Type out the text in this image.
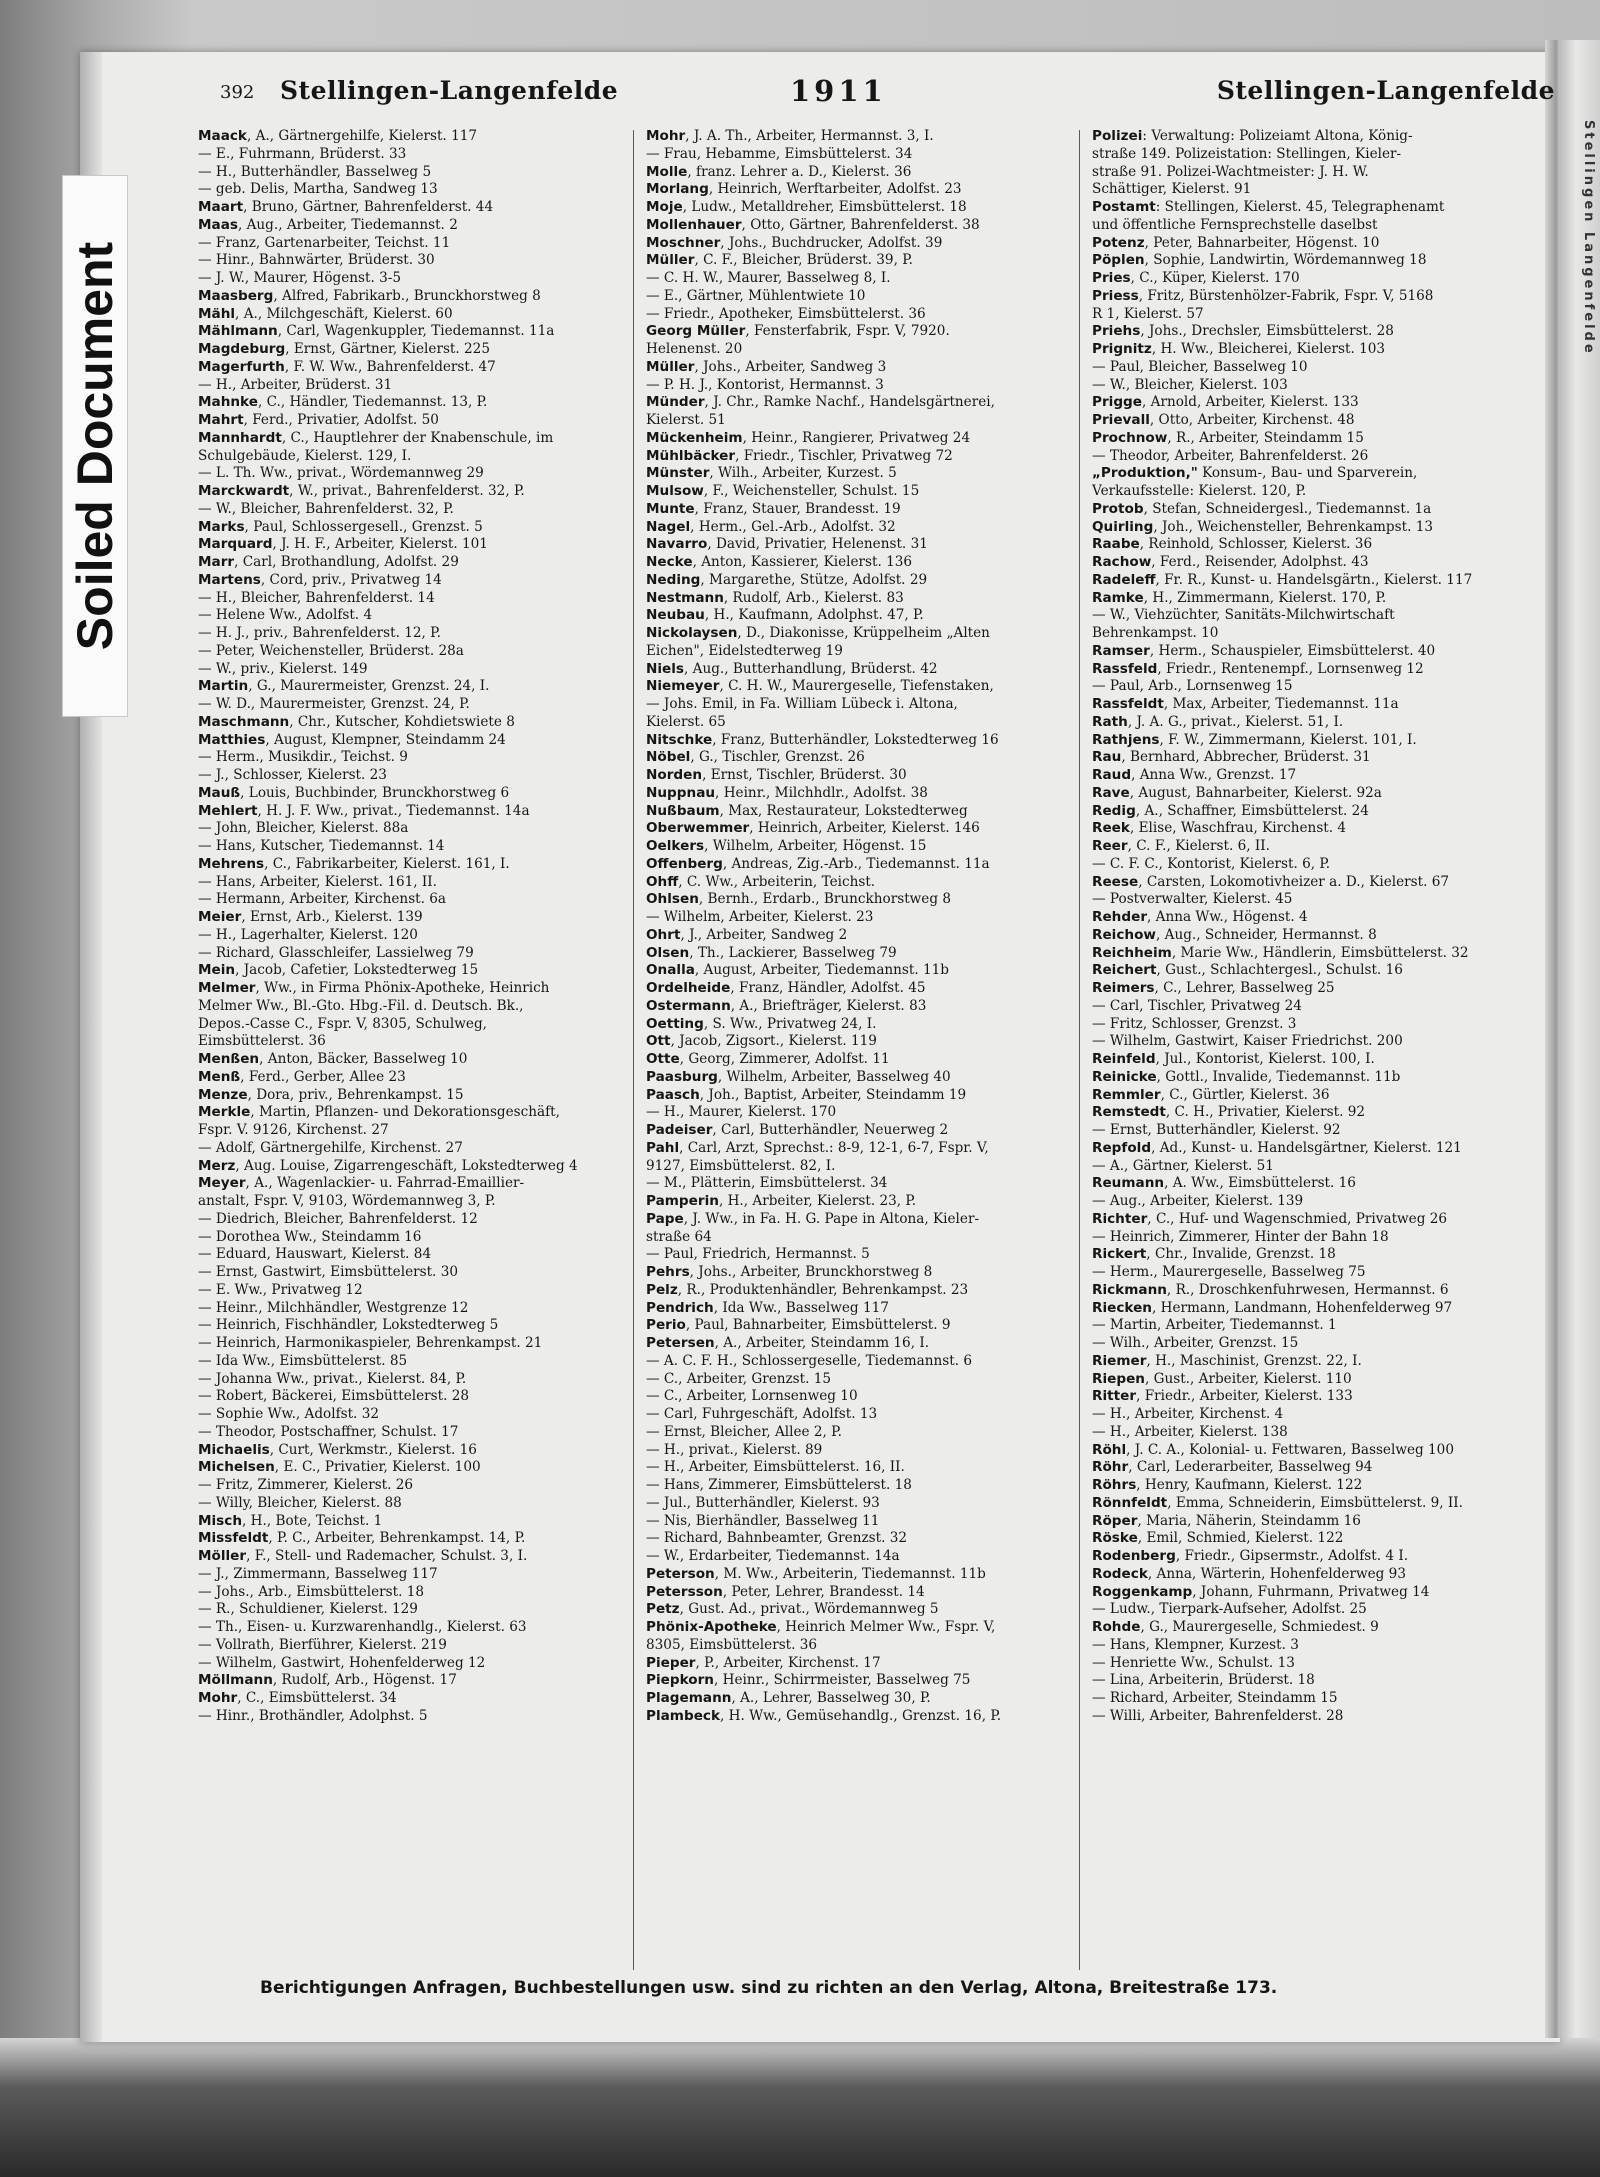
Stellingen Langenfelde
Soiled Document
392 Stellingen-Langenfelde	1911	Stellingen-Langenfelde
Maack, A., Gärtnergehilfe, Kielerst. 117
— E., Fuhrmann, Brüderst. 33
— H., Butterhändler, Basselweg 5
— geb. Delis, Martha, Sandweg 13
Maart, Bruno, Gärtner, Bahrenfelderst. 44
Maas, Aug., Arbeiter, Tiedemannst. 2
— Franz, Gartenarbeiter, Teichst. 11
— Hinr., Bahnwärter, Brüderst. 30
— J. W., Maurer, Högenst. 3-5
Maasberg, Alfred, Fabrikarb., Brunckhorstweg 8
Mähl, A., Milchgeschäft, Kielerst. 60
Mählmann, Carl, Wagenkuppler, Tiedemannst. 11a
Magdeburg, Ernst, Gärtner, Kielerst. 225
Magerfurth, F. W. Ww., Bahrenfelderst. 47
— H., Arbeiter, Brüderst. 31
Mahnke, C., Händler, Tiedemannst. 13, P.
Mahrt, Ferd., Privatier, Adolfst. 50
Mannhardt, C., Hauptlehrer der Knabenschule, im
Schulgebäude, Kielerst. 129, I.
— L. Th. Ww., privat., Wördemannweg 29
Marckwardt, W., privat., Bahrenfelderst. 32, P.
— W., Bleicher, Bahrenfelderst. 32, P.
Marks, Paul, Schlossergesell., Grenzst. 5
Marquard, J. H. F., Arbeiter, Kielerst. 101
Marr, Carl, Brothandlung, Adolfst. 29
Martens, Cord, priv., Privatweg 14
— H., Bleicher, Bahrenfelderst. 14
— Helene Ww., Adolfst. 4
— H. J., priv., Bahrenfelderst. 12, P.
— Peter, Weichensteller, Brüderst. 28a
— W., priv., Kielerst. 149
Martin, G., Maurermeister, Grenzst. 24, I.
— W. D., Maurermeister, Grenzst. 24, P.
Maschmann, Chr., Kutscher, Kohdietswiete 8
Matthies, August, Klempner, Steindamm 24
— Herm., Musikdir., Teichst. 9
— J., Schlosser, Kielerst. 23
Mauß, Louis, Buchbinder, Brunckhorstweg 6
Mehlert, H. J. F. Ww., privat., Tiedemannst. 14a
— John, Bleicher, Kielerst. 88a
— Hans, Kutscher, Tiedemannst. 14
Mehrens, C., Fabrikarbeiter, Kielerst. 161, I.
— Hans, Arbeiter, Kielerst. 161, II.
— Hermann, Arbeiter, Kirchenst. 6a
Meier, Ernst, Arb., Kielerst. 139
— H., Lagerhalter, Kielerst. 120
— Richard, Glasschleifer, Lassielweg 79
Mein, Jacob, Cafetier, Lokstedterweg 15
Melmer, Ww., in Firma Phönix-Apotheke, Heinrich
Melmer Ww., Bl.-Gto. Hbg.-Fil. d. Deutsch. Bk.,
Depos.-Casse C., Fspr. V, 8305, Schulweg,
Eimsbüttelerst. 36
Menßen, Anton, Bäcker, Basselweg 10
Menß, Ferd., Gerber, Allee 23
Menze, Dora, priv., Behrenkampst. 15
Merkle, Martin, Pflanzen- und Dekorationsgeschäft,
Fspr. V. 9126, Kirchenst. 27
— Adolf, Gärtnergehilfe, Kirchenst. 27
Merz, Aug. Louise, Zigarrengeschäft, Lokstedterweg 4
Meyer, A., Wagenlackier- u. Fahrrad-Emaillier-
anstalt, Fspr. V, 9103, Wördemannweg 3, P.
— Diedrich, Bleicher, Bahrenfelderst. 12
— Dorothea Ww., Steindamm 16
— Eduard, Hauswart, Kielerst. 84
— Ernst, Gastwirt, Eimsbüttelerst. 30
— E. Ww., Privatweg 12
— Heinr., Milchhändler, Westgrenze 12
— Heinrich, Fischhändler, Lokstedterweg 5
— Heinrich, Harmonikaspieler, Behrenkampst. 21
— Ida Ww., Eimsbüttelerst. 85
— Johanna Ww., privat., Kielerst. 84, P.
— Robert, Bäckerei, Eimsbüttelerst. 28
— Sophie Ww., Adolfst. 32
— Theodor, Postschaffner, Schulst. 17
Michaelis, Curt, Werkmstr., Kielerst. 16
Michelsen, E. C., Privatier, Kielerst. 100
— Fritz, Zimmerer, Kielerst. 26
— Willy, Bleicher, Kielerst. 88
Misch, H., Bote, Teichst. 1
Missfeldt, P. C., Arbeiter, Behrenkampst. 14, P.
Möller, F., Stell- und Rademacher, Schulst. 3, I.
— J., Zimmermann, Basselweg 117
— Johs., Arb., Eimsbüttelerst. 18
— R., Schuldiener, Kielerst. 129
— Th., Eisen- u. Kurzwarenhandlg., Kielerst. 63
— Vollrath, Bierführer, Kielerst. 219
— Wilhelm, Gastwirt, Hohenfelderweg 12
Möllmann, Rudolf, Arb., Högenst. 17
Mohr, C., Eimsbüttelerst. 34
— Hinr., Brothändler, Adolphst. 5
Mohr, J. A. Th., Arbeiter, Hermannst. 3, I.
— Frau, Hebamme, Eimsbüttelerst. 34
Molle, franz. Lehrer a. D., Kielerst. 36
Morlang, Heinrich, Werftarbeiter, Adolfst. 23
Moje, Ludw., Metalldreher, Eimsbüttelerst. 18
Mollenhauer, Otto, Gärtner, Bahrenfelderst. 38
Moschner, Johs., Buchdrucker, Adolfst. 39
Müller, C. F., Bleicher, Brüderst. 39, P.
— C. H. W., Maurer, Basselweg 8, I.
— E., Gärtner, Mühlentwiete 10
— Friedr., Apotheker, Eimsbüttelerst. 36
Georg Müller, Fensterfabrik, Fspr. V, 7920.
Helenenst. 20
Müller, Johs., Arbeiter, Sandweg 3
— P. H. J., Kontorist, Hermannst. 3
Münder, J. Chr., Ramke Nachf., Handelsgärtnerei,
Kielerst. 51
Mückenheim, Heinr., Rangierer, Privatweg 24
Mühlbäcker, Friedr., Tischler, Privatweg 72
Münster, Wilh., Arbeiter, Kurzest. 5
Mulsow, F., Weichensteller, Schulst. 15
Munte, Franz, Stauer, Brandesst. 19
Nagel, Herm., Gel.-Arb., Adolfst. 32
Navarro, David, Privatier, Helenenst. 31
Necke, Anton, Kassierer, Kielerst. 136
Neding, Margarethe, Stütze, Adolfst. 29
Nestmann, Rudolf, Arb., Kielerst. 83
Neubau, H., Kaufmann, Adolphst. 47, P.
Nickolaysen, D., Diakonisse, Krüppelheim „Alten
Eichen", Eidelstedterweg 19
Niels, Aug., Butterhandlung, Brüderst. 42
Niemeyer, C. H. W., Maurergeselle, Tiefenstaken,
— Johs. Emil, in Fa. William Lübeck i. Altona,
Kielerst. 65
Nitschke, Franz, Butterhändler, Lokstedterweg 16
Nöbel, G., Tischler, Grenzst. 26
Norden, Ernst, Tischler, Brüderst. 30
Nuppnau, Heinr., Milchhdlr., Adolfst. 38
Nußbaum, Max, Restaurateur, Lokstedterweg
Oberwemmer, Heinrich, Arbeiter, Kielerst. 146
Oelkers, Wilhelm, Arbeiter, Högenst. 15
Offenberg, Andreas, Zig.-Arb., Tiedemannst. 11a
Ohff, C. Ww., Arbeiterin, Teichst.
Ohlsen, Bernh., Erdarb., Brunckhorstweg 8
— Wilhelm, Arbeiter, Kielerst. 23
Ohrt, J., Arbeiter, Sandweg 2
Olsen, Th., Lackierer, Basselweg 79
Onalla, August, Arbeiter, Tiedemannst. 11b
Ordelheide, Franz, Händler, Adolfst. 45
Ostermann, A., Briefträger, Kielerst. 83
Oetting, S. Ww., Privatweg 24, I.
Ott, Jacob, Zigsort., Kielerst. 119
Otte, Georg, Zimmerer, Adolfst. 11
Paasburg, Wilhelm, Arbeiter, Basselweg 40
Paasch, Joh., Baptist, Arbeiter, Steindamm 19
— H., Maurer, Kielerst. 170
Padeiser, Carl, Butterhändler, Neuerweg 2
Pahl, Carl, Arzt, Sprechst.: 8-9, 12-1, 6-7, Fspr. V,
9127, Eimsbüttelerst. 82, I.
— M., Plätterin, Eimsbüttelerst. 34
Pamperin, H., Arbeiter, Kielerst. 23, P.
Pape, J. Ww., in Fa. H. G. Pape in Altona, Kieler-
straße 64
— Paul, Friedrich, Hermannst. 5
Pehrs, Johs., Arbeiter, Brunckhorstweg 8
Pelz, R., Produktenhändler, Behrenkampst. 23
Pendrich, Ida Ww., Basselweg 117
Perio, Paul, Bahnarbeiter, Eimsbüttelerst. 9
Petersen, A., Arbeiter, Steindamm 16, I.
— A. C. F. H., Schlossergeselle, Tiedemannst. 6
— C., Arbeiter, Grenzst. 15
— C., Arbeiter, Lornsenweg 10
— Carl, Fuhrgeschäft, Adolfst. 13
— Ernst, Bleicher, Allee 2, P.
— H., privat., Kielerst. 89
— H., Arbeiter, Eimsbüttelerst. 16, II.
— Hans, Zimmerer, Eimsbüttelerst. 18
— Jul., Butterhändler, Kielerst. 93
— Nis, Bierhändler, Basselweg 11
— Richard, Bahnbeamter, Grenzst. 32
— W., Erdarbeiter, Tiedemannst. 14a
Peterson, M. Ww., Arbeiterin, Tiedemannst. 11b
Petersson, Peter, Lehrer, Brandesst. 14
Petz, Gust. Ad., privat., Wördemannweg 5
Phönix-Apotheke, Heinrich Melmer Ww., Fspr. V,
8305, Eimsbüttelerst. 36
Pieper, P., Arbeiter, Kirchenst. 17
Piepkorn, Heinr., Schirrmeister, Basselweg 75
Plagemann, A., Lehrer, Basselweg 30, P.
Plambeck, H. Ww., Gemüsehandlg., Grenzst. 16, P.
Polizei: Verwaltung: Polizeiamt Altona, König-
straße 149. Polizeistation: Stellingen, Kieler-
straße 91. Polizei-Wachtmeister: J. H. W.
Schättiger, Kielerst. 91
Postamt: Stellingen, Kielerst. 45, Telegraphenamt
und öffentliche Fernsprechstelle daselbst
Potenz, Peter, Bahnarbeiter, Högenst. 10
Pöplen, Sophie, Landwirtin, Wördemannweg 18
Pries, C., Küper, Kielerst. 170
Priess, Fritz, Bürstenhölzer-Fabrik, Fspr. V, 5168
R 1, Kielerst. 57
Priehs, Johs., Drechsler, Eimsbüttelerst. 28
Prignitz, H. Ww., Bleicherei, Kielerst. 103
— Paul, Bleicher, Basselweg 10
— W., Bleicher, Kielerst. 103
Prigge, Arnold, Arbeiter, Kielerst. 133
Prievall, Otto, Arbeiter, Kirchenst. 48
Prochnow, R., Arbeiter, Steindamm 15
— Theodor, Arbeiter, Bahrenfelderst. 26
„Produktion," Konsum-, Bau- und Sparverein,
Verkaufsstelle: Kielerst. 120, P.
Protob, Stefan, Schneidergesl., Tiedemannst. 1a
Quirling, Joh., Weichensteller, Behrenkampst. 13
Raabe, Reinhold, Schlosser, Kielerst. 36
Rachow, Ferd., Reisender, Adolphst. 43
Radeleff, Fr. R., Kunst- u. Handelsgärtn., Kielerst. 117
Ramke, H., Zimmermann, Kielerst. 170, P.
— W., Viehzüchter, Sanitäts-Milchwirtschaft
Behrenkampst. 10
Ramser, Herm., Schauspieler, Eimsbüttelerst. 40
Rassfeld, Friedr., Rentenempf., Lornsenweg 12
— Paul, Arb., Lornsenweg 15
Rassfeldt, Max, Arbeiter, Tiedemannst. 11a
Rath, J. A. G., privat., Kielerst. 51, I.
Rathjens, F. W., Zimmermann, Kielerst. 101, I.
Rau, Bernhard, Abbrecher, Brüderst. 31
Raud, Anna Ww., Grenzst. 17
Rave, August, Bahnarbeiter, Kielerst. 92a
Redig, A., Schaffner, Eimsbüttelerst. 24
Reek, Elise, Waschfrau, Kirchenst. 4
Reer, C. F., Kielerst. 6, II.
— C. F. C., Kontorist, Kielerst. 6, P.
Reese, Carsten, Lokomotivheizer a. D., Kielerst. 67
— Postverwalter, Kielerst. 45
Rehder, Anna Ww., Högenst. 4
Reichow, Aug., Schneider, Hermannst. 8
Reichheim, Marie Ww., Händlerin, Eimsbüttelerst. 32
Reichert, Gust., Schlachtergesl., Schulst. 16
Reimers, C., Lehrer, Basselweg 25
— Carl, Tischler, Privatweg 24
— Fritz, Schlosser, Grenzst. 3
— Wilhelm, Gastwirt, Kaiser Friedrichst. 200
Reinfeld, Jul., Kontorist, Kielerst. 100, I.
Reinicke, Gottl., Invalide, Tiedemannst. 11b
Remmler, C., Gürtler, Kielerst. 36
Remstedt, C. H., Privatier, Kielerst. 92
— Ernst, Butterhändler, Kielerst. 92
Repfold, Ad., Kunst- u. Handelsgärtner, Kielerst. 121
— A., Gärtner, Kielerst. 51
Reumann, A. Ww., Eimsbüttelerst. 16
— Aug., Arbeiter, Kielerst. 139
Richter, C., Huf- und Wagenschmied, Privatweg 26
— Heinrich, Zimmerer, Hinter der Bahn 18
Rickert, Chr., Invalide, Grenzst. 18
— Herm., Maurergeselle, Basselweg 75
Rickmann, R., Droschkenfuhrwesen, Hermannst. 6
Riecken, Hermann, Landmann, Hohenfelderweg 97
— Martin, Arbeiter, Tiedemannst. 1
— Wilh., Arbeiter, Grenzst. 15
Riemer, H., Maschinist, Grenzst. 22, I.
Riepen, Gust., Arbeiter, Kielerst. 110
Ritter, Friedr., Arbeiter, Kielerst. 133
— H., Arbeiter, Kirchenst. 4
— H., Arbeiter, Kielerst. 138
Röhl, J. C. A., Kolonial- u. Fettwaren, Basselweg 100
Röhr, Carl, Lederarbeiter, Basselweg 94
Röhrs, Henry, Kaufmann, Kielerst. 122
Rönnfeldt, Emma, Schneiderin, Eimsbüttelerst. 9, II.
Röper, Maria, Näherin, Steindamm 16
Röske, Emil, Schmied, Kielerst. 122
Rodenberg, Friedr., Gipsermstr., Adolfst. 4 I.
Rodeck, Anna, Wärterin, Hohenfelderweg 93
Roggenkamp, Johann, Fuhrmann, Privatweg 14
— Ludw., Tierpark-Aufseher, Adolfst. 25
Rohde, G., Maurergeselle, Schmiedest. 9
— Hans, Klempner, Kurzest. 3
— Henriette Ww., Schulst. 13
— Lina, Arbeiterin, Brüderst. 18
— Richard, Arbeiter, Steindamm 15
— Willi, Arbeiter, Bahrenfelderst. 28
Berichtigungen Anfragen, Buchbestellungen usw. sind zu richten an den Verlag, Altona, Breitestraße 173.
